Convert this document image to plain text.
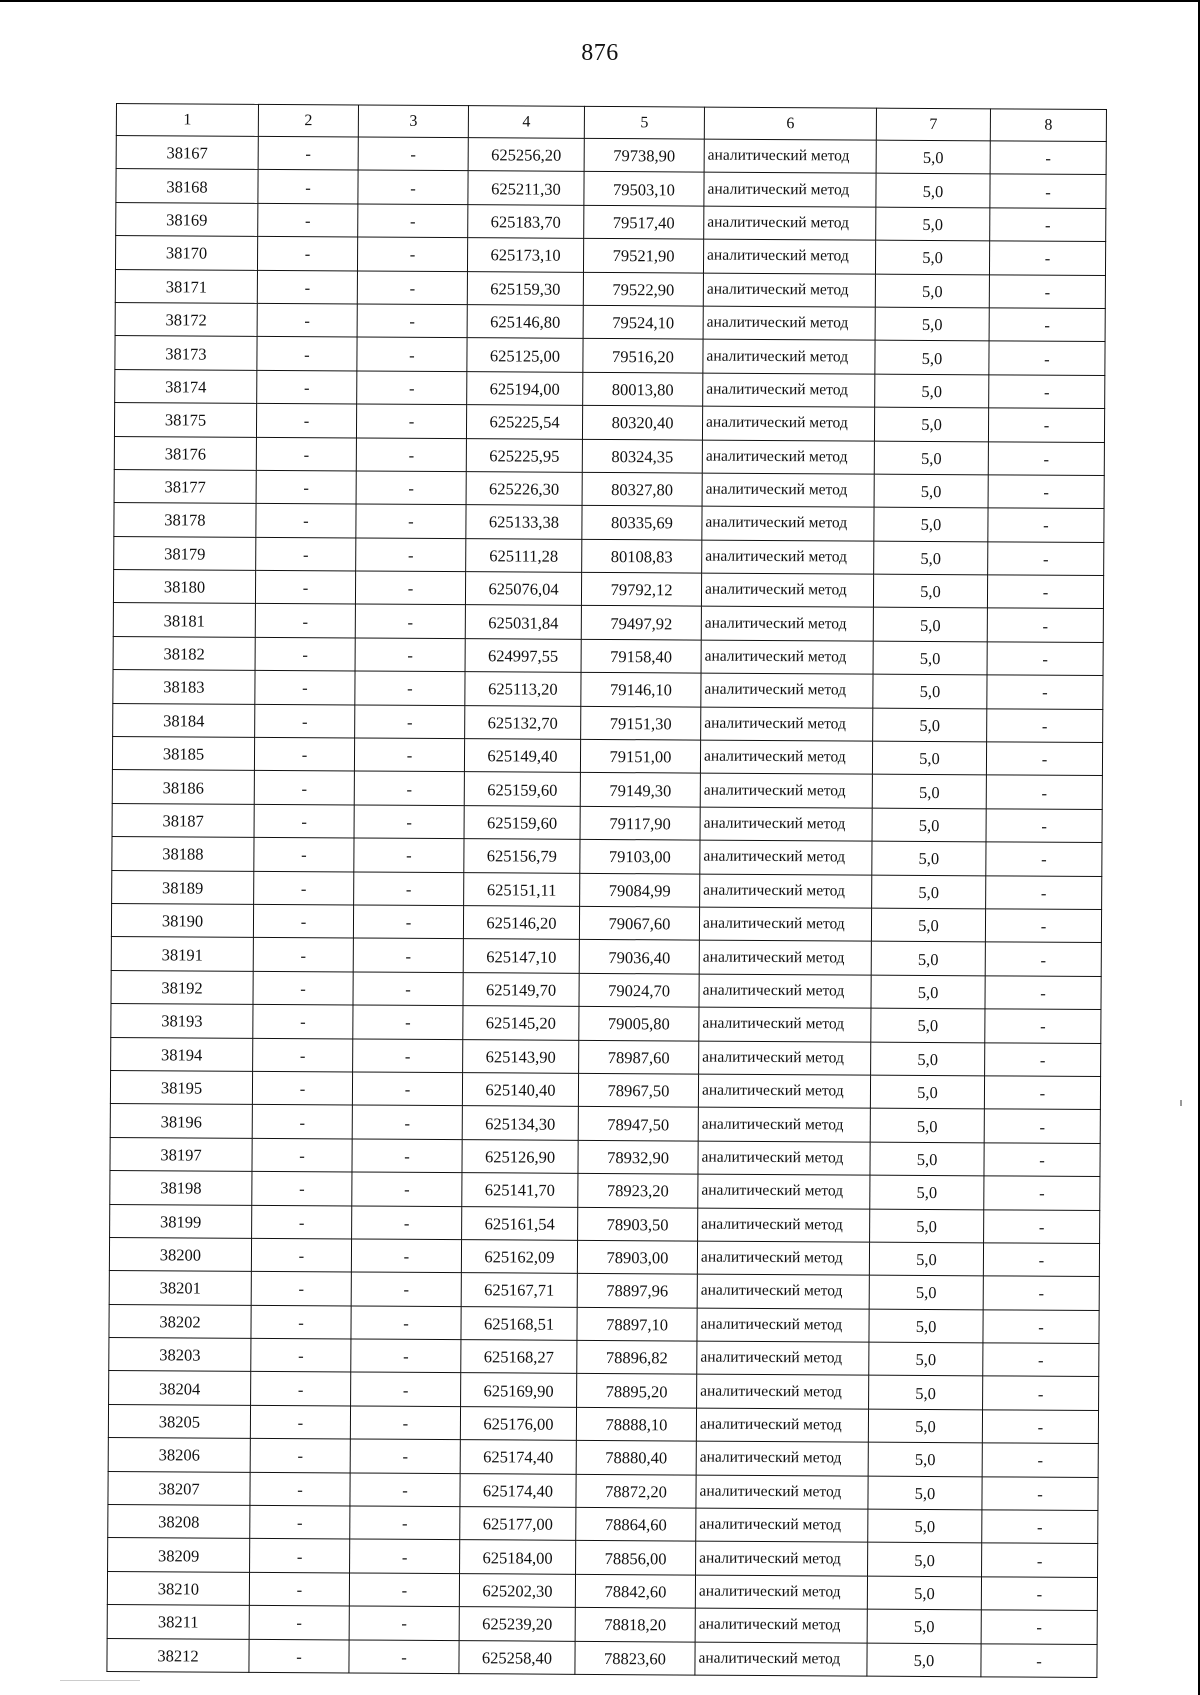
876
1	2	3	4	5	6	7	8
38167	-	-	625256,20	79738,90	аналитический метод	5,0	-
38168	-	-	625211,30	79503,10	аналитический метод	5,0	-
38169	-	-	625183,70	79517,40	аналитический метод	5,0	-
38170	-	-	625173,10	79521,90	аналитический метод	5,0	-
38171	-	-	625159,30	79522,90	аналитический метод	5,0	-
38172	-	-	625146,80	79524,10	аналитический метод	5,0	-
38173	-	-	625125,00	79516,20	аналитический метод	5,0	-
38174	-	-	625194,00	80013,80	аналитический метод	5,0	-
38175	-	-	625225,54	80320,40	аналитический метод	5,0	-
38176	-	-	625225,95	80324,35	аналитический метод	5,0	-
38177	-	-	625226,30	80327,80	аналитический метод	5,0	-
38178	-	-	625133,38	80335,69	аналитический метод	5,0	-
38179	-	-	625111,28	80108,83	аналитический метод	5,0	-
38180	-	-	625076,04	79792,12	аналитический метод	5,0	-
38181	-	-	625031,84	79497,92	аналитический метод	5,0	-
38182	-	-	624997,55	79158,40	аналитический метод	5,0	-
38183	-	-	625113,20	79146,10	аналитический метод	5,0	-
38184	-	-	625132,70	79151,30	аналитический метод	5,0	-
38185	-	-	625149,40	79151,00	аналитический метод	5,0	-
38186	-	-	625159,60	79149,30	аналитический метод	5,0	-
38187	-	-	625159,60	79117,90	аналитический метод	5,0	-
38188	-	-	625156,79	79103,00	аналитический метод	5,0	-
38189	-	-	625151,11	79084,99	аналитический метод	5,0	-
38190	-	-	625146,20	79067,60	аналитический метод	5,0	-
38191	-	-	625147,10	79036,40	аналитический метод	5,0	-
38192	-	-	625149,70	79024,70	аналитический метод	5,0	-
38193	-	-	625145,20	79005,80	аналитический метод	5,0	-
38194	-	-	625143,90	78987,60	аналитический метод	5,0	-
38195	-	-	625140,40	78967,50	аналитический метод	5,0	-
38196	-	-	625134,30	78947,50	аналитический метод	5,0	-
38197	-	-	625126,90	78932,90	аналитический метод	5,0	-
38198	-	-	625141,70	78923,20	аналитический метод	5,0	-
38199	-	-	625161,54	78903,50	аналитический метод	5,0	-
38200	-	-	625162,09	78903,00	аналитический метод	5,0	-
38201	-	-	625167,71	78897,96	аналитический метод	5,0	-
38202	-	-	625168,51	78897,10	аналитический метод	5,0	-
38203	-	-	625168,27	78896,82	аналитический метод	5,0	-
38204	-	-	625169,90	78895,20	аналитический метод	5,0	-
38205	-	-	625176,00	78888,10	аналитический метод	5,0	-
38206	-	-	625174,40	78880,40	аналитический метод	5,0	-
38207	-	-	625174,40	78872,20	аналитический метод	5,0	-
38208	-	-	625177,00	78864,60	аналитический метод	5,0	-
38209	-	-	625184,00	78856,00	аналитический метод	5,0	-
38210	-	-	625202,30	78842,60	аналитический метод	5,0	-
38211	-	-	625239,20	78818,20	аналитический метод	5,0	-
38212	-	-	625258,40	78823,60	аналитический метод	5,0	-
